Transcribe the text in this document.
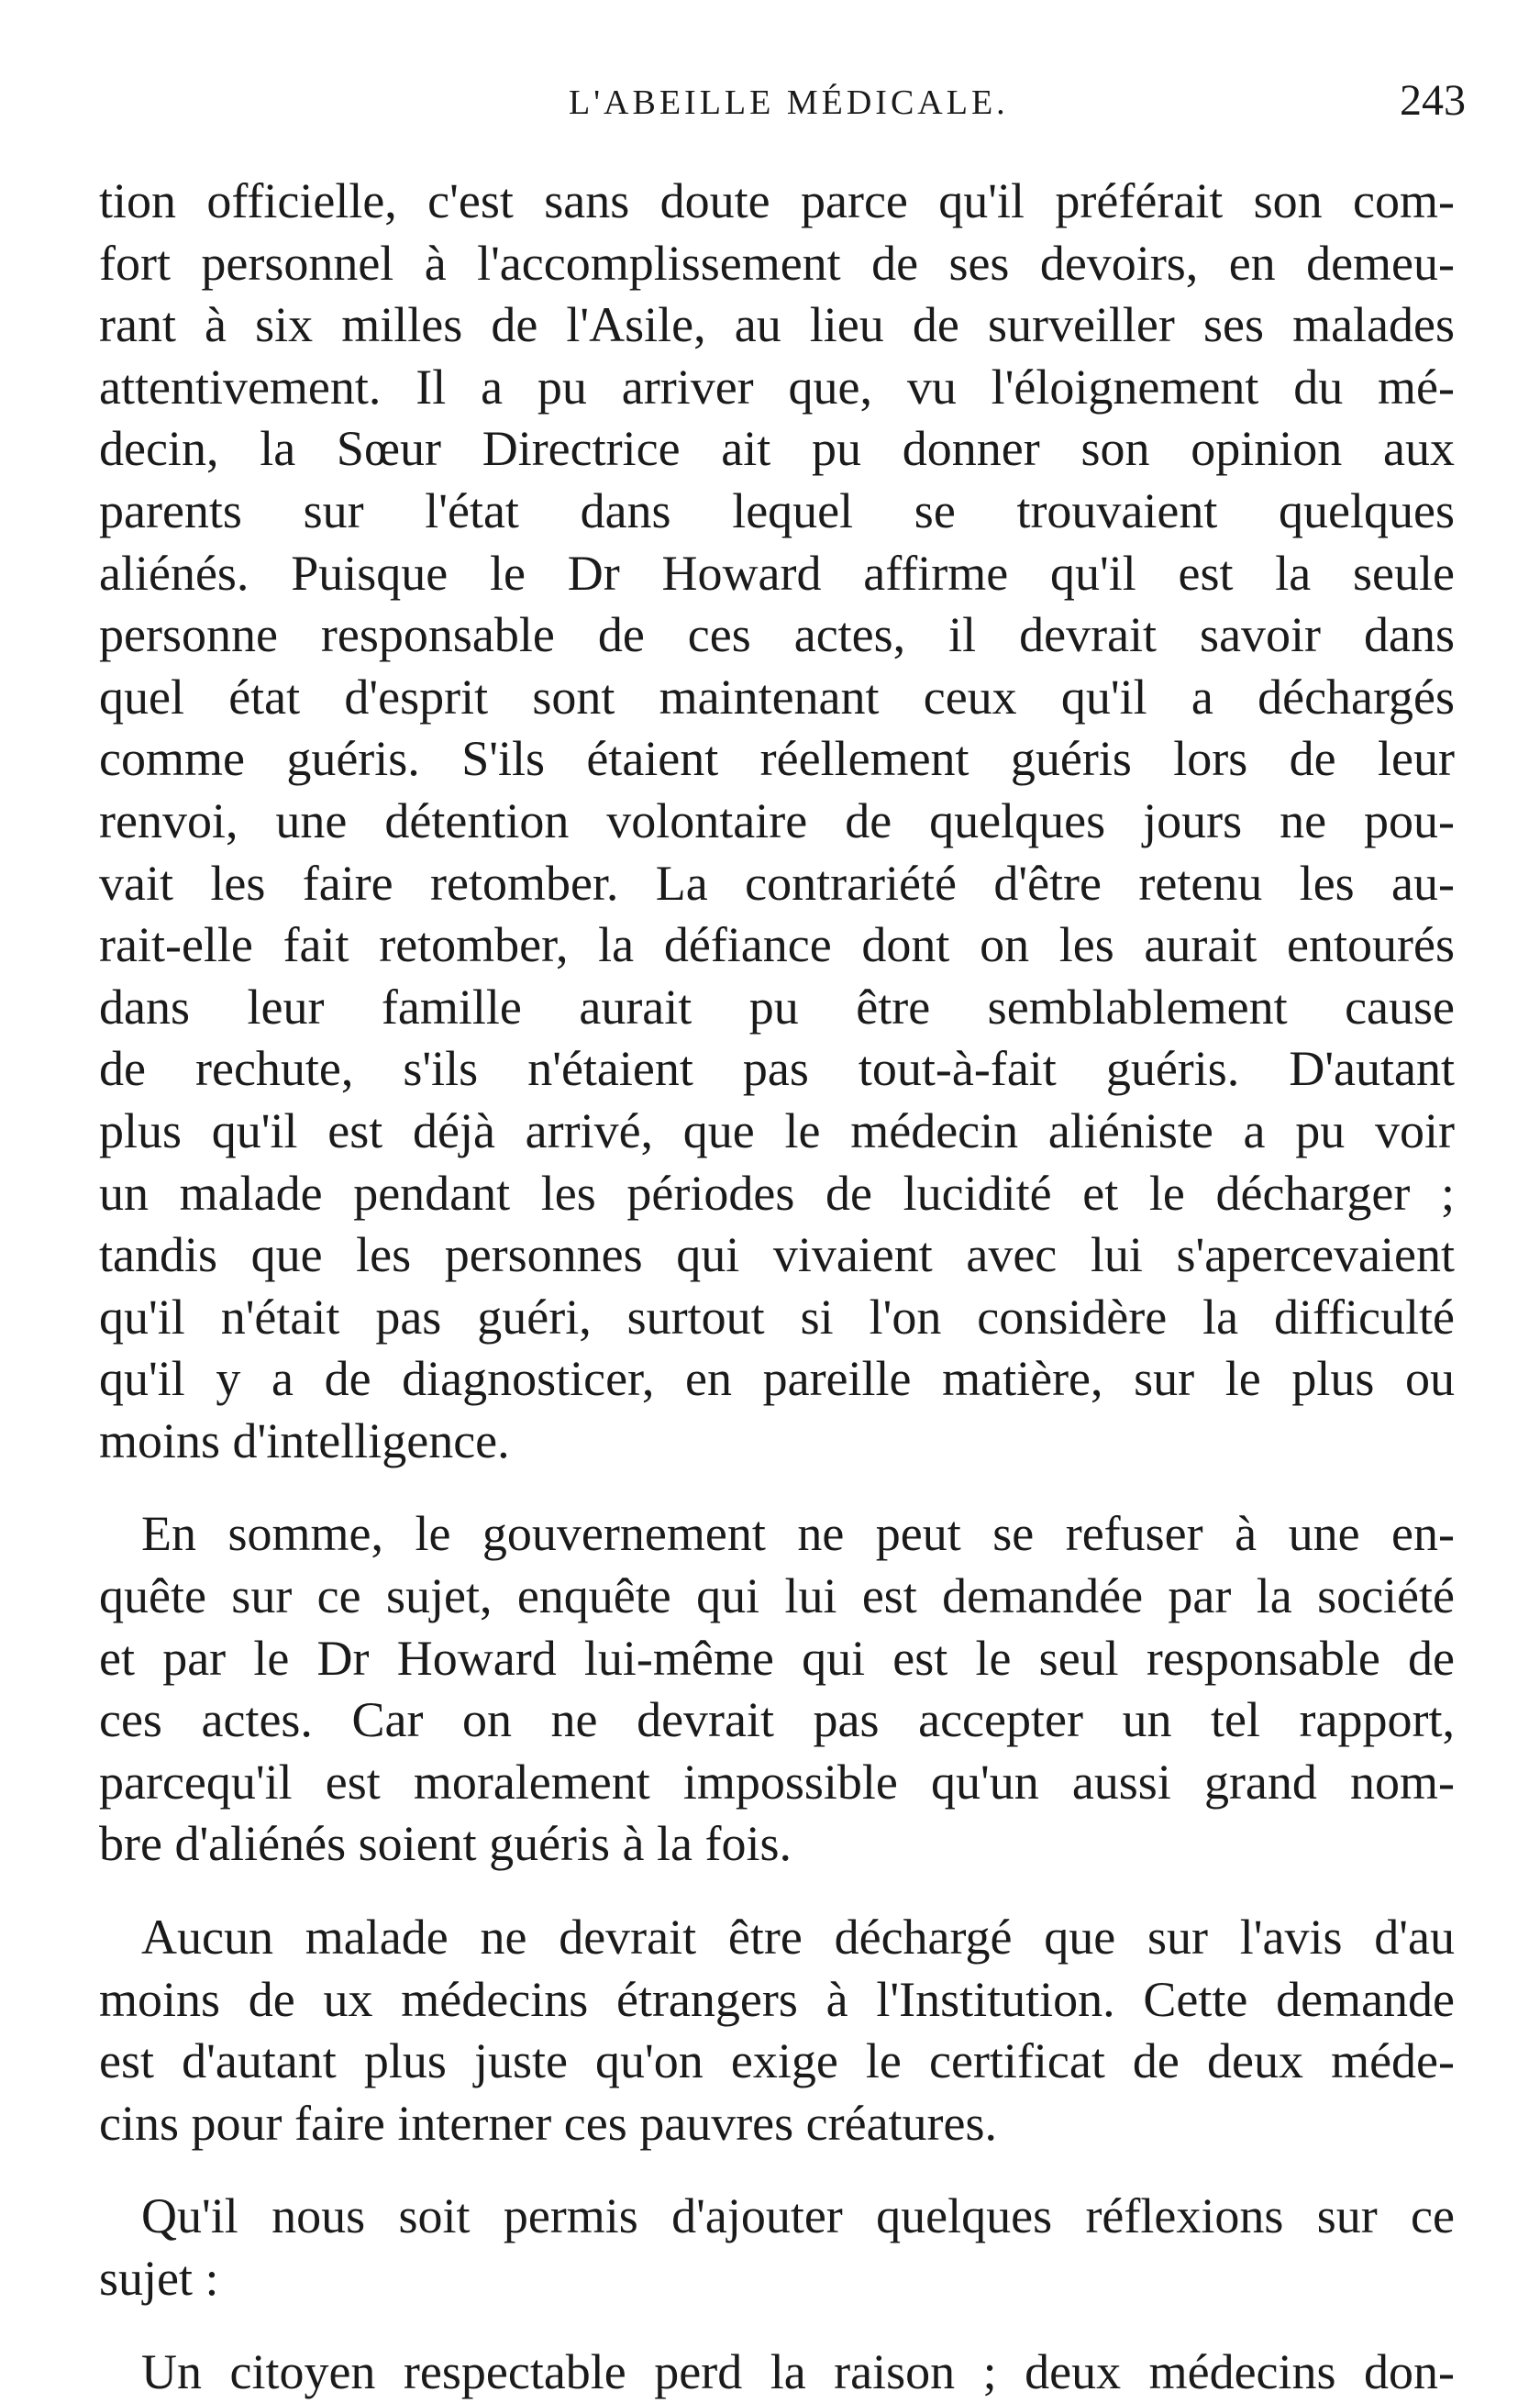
L'ABEILLE MÉDICALE.	243
tion officielle, c'est sans doute parce qu'il préférait son com-
fort personnel à l'accomplissement de ses devoirs, en demeu-
rant à six milles de l'Asile, au lieu de surveiller ses malades
attentivement. Il a pu arriver que, vu l'éloignement du mé-
decin, la Sœur Directrice ait pu donner son opinion aux
parents sur l'état dans lequel se trouvaient quelques
aliénés. Puisque le Dr Howard affirme qu'il est la seule
personne responsable de ces actes, il devrait savoir dans
quel état d'esprit sont maintenant ceux qu'il a déchargés
comme guéris. S'ils étaient réellement guéris lors de leur
renvoi, une détention volontaire de quelques jours ne pou-
vait les faire retomber. La contrariété d'être retenu les au-
rait-elle fait retomber, la défiance dont on les aurait entourés
dans leur famille aurait pu être semblablement cause
de rechute, s'ils n'étaient pas tout-à-fait guéris. D'autant
plus qu'il est déjà arrivé, que le médecin aliéniste a pu voir
un malade pendant les périodes de lucidité et le décharger ;
tandis que les personnes qui vivaient avec lui s'apercevaient
qu'il n'était pas guéri, surtout si l'on considère la difficulté
qu'il y a de diagnosticer, en pareille matière, sur le plus ou
moins d'intelligence.
En somme, le gouvernement ne peut se refuser à une en-
quête sur ce sujet, enquête qui lui est demandée par la société
et par le Dr Howard lui-même qui est le seul responsable de
ces actes. Car on ne devrait pas accepter un tel rapport,
parcequ'il est moralement impossible qu'un aussi grand nom-
bre d'aliénés soient guéris à la fois.
Aucun malade ne devrait être déchargé que sur l'avis d'au
moins de ux médecins étrangers à l'Institution. Cette demande
est d'autant plus juste qu'on exige le certificat de deux méde-
cins pour faire interner ces pauvres créatures.
Qu'il nous soit permis d'ajouter quelques réflexions sur ce
sujet :
Un citoyen respectable perd la raison ; deux médecins don-
